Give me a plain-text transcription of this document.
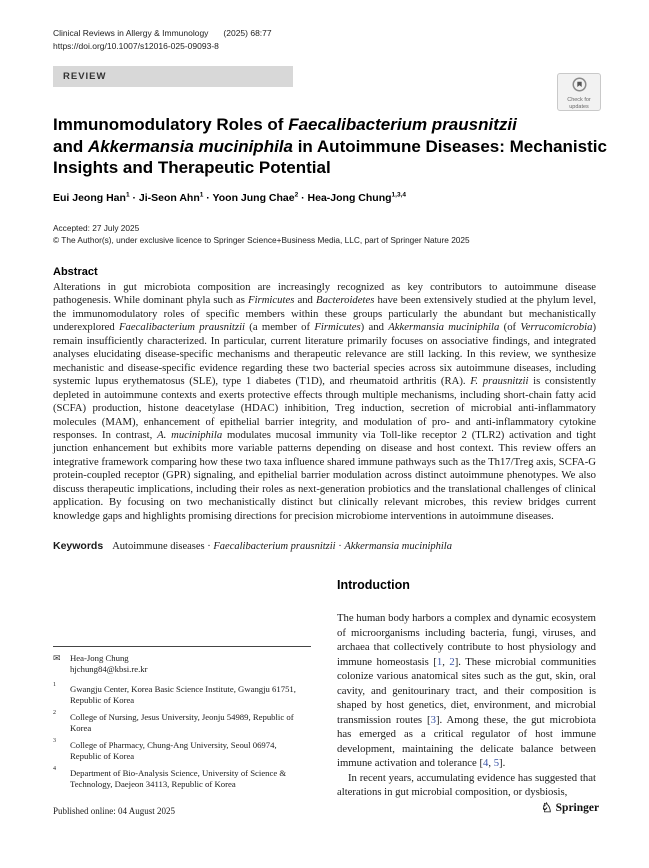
Clinical Reviews in Allergy & Immunology (2025) 68:77
https://doi.org/10.1007/s12016-025-09093-8
REVIEW
Check for
updates
Immunomodulatory Roles of Faecalibacterium prausnitzii
and Akkermansia muciniphila in Autoimmune Diseases: Mechanistic
Insights and Therapeutic Potential
Eui Jeong Han$^1$ · Ji-Seon Ahn$^1$ · Yoon Jung Chae$^2$ · Hea-Jong Chung$^{1,3,4}$
Accepted: 27 July 2025
© The Author(s), under exclusive licence to Springer Science+Business Media, LLC, part of Springer Nature 2025
Abstract
Alterations in gut microbiota composition are increasingly recognized as key contributors to autoimmune disease pathogenesis. While dominant phyla such as Firmicutes and Bacteroidetes have been extensively studied at the phylum level, the immunomodulatory roles of specific members within these groups particularly the abundant but mechanistically underexplored Faecalibacterium prausnitzii (a member of Firmicutes) and Akkermansia muciniphila (of Verrucomicrobia) remain insufficiently characterized. In particular, current literature primarily focuses on associative findings, and integrated analyses elucidating disease-specific mechanisms and therapeutic relevance are still lacking. In this review, we synthesize mechanistic and disease-specific evidence regarding these two bacterial species across six autoimmune diseases, including systemic lupus erythematosus (SLE), type 1 diabetes (T1D), and rheumatoid arthritis (RA). F. prausnitzii is consistently depleted in autoimmune contexts and exerts protective effects through multiple mechanisms, including short-chain fatty acid (SCFA) production, histone deacetylase (HDAC) inhibition, Treg induction, secretion of microbial anti-inflammatory molecules (MAM), enhancement of epithelial barrier integrity, and modulation of pro- and anti-inflammatory cytokine responses. In contrast, A. muciniphila modulates mucosal immunity via Toll-like receptor 2 (TLR2) activation and tight junction enhancement but exhibits more variable patterns depending on disease and host context. This review offers an integrative framework comparing how these two taxa influence shared immune pathways such as the Th17/Treg axis, SCFA-G protein-coupled receptor (GPR) signaling, and epithelial barrier modulation across distinct autoimmune phenotypes. We also discuss therapeutic implications, including their roles as next-generation probiotics and the translational challenges of clinical application. By focusing on two mechanistically distinct but clinically relevant microbes, this review bridges current knowledge gaps and highlights promising directions for precision microbiome interventions in autoimmune diseases.
Keywords Autoimmune diseases · Faecalibacterium prausnitzii · Akkermansia muciniphila
✉	Hea-Jong Chung
hjchung84@kbsi.re.kr
1	Gwangju Center, Korea Basic Science Institute, Gwangju 61751, Republic of Korea
2	College of Nursing, Jesus University, Jeonju 54989, Republic of Korea
3	College of Pharmacy, Chung-Ang University, Seoul 06974, Republic of Korea
4	Department of Bio-Analysis Science, University of Science & Technology, Daejeon 34113, Republic of Korea
Introduction

The human body harbors a complex and dynamic ecosystem of microorganisms including bacteria, fungi, viruses, and archaea that collectively contribute to host physiology and immune homeostasis [1, 2]. These microbial communities colonize various anatomical sites such as the gut, skin, oral cavity, and genitourinary tract, and their composition is shaped by host genetics, diet, environment, and microbial transmission routes [3]. Among these, the gut microbiota has emerged as a critical regulator of host immune development, maintaining the delicate balance between immune activation and tolerance [4, 5].

In recent years, accumulating evidence has suggested that alterations in gut microbial composition, or dysbiosis,

Published online: 04 August 2025	♘ Springer
